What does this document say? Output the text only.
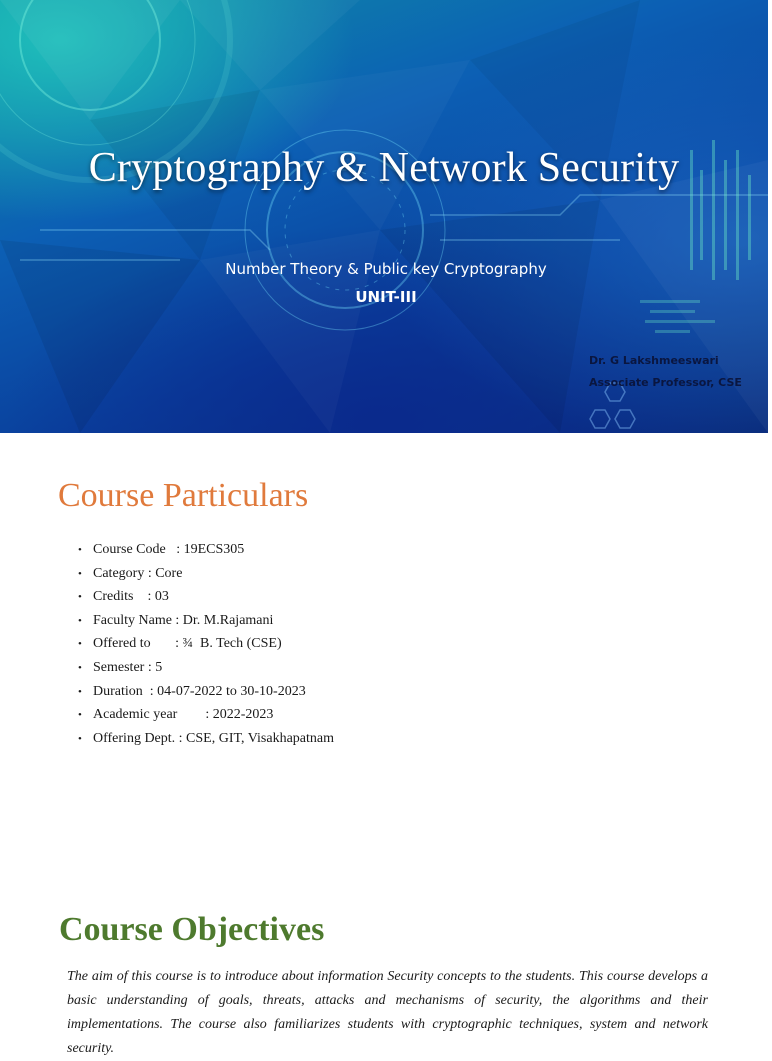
Cryptography & Network Security
Number Theory & Public key Cryptography
UNIT-III
Dr. G Lakshmeeswari
Associate Professor, CSE
Course Particulars
• Course Code   : 19ECS305
• Category : Core
• Credits    : 03
• Faculty Name : Dr. M.Rajamani
• Offered to       : ¾  B. Tech (CSE)
• Semester : 5
• Duration  : 04-07-2022 to 30-10-2023
• Academic year        : 2022-2023
• Offering Dept. : CSE, GIT, Visakhapatnam
Course Objectives

The aim of this course is to introduce about information Security concepts to the students. This course develops a basic understanding of goals, threats, attacks and mechanisms of security, the algorithms and their implementations. The course also familiarizes students with cryptographic techniques, system and network security.
